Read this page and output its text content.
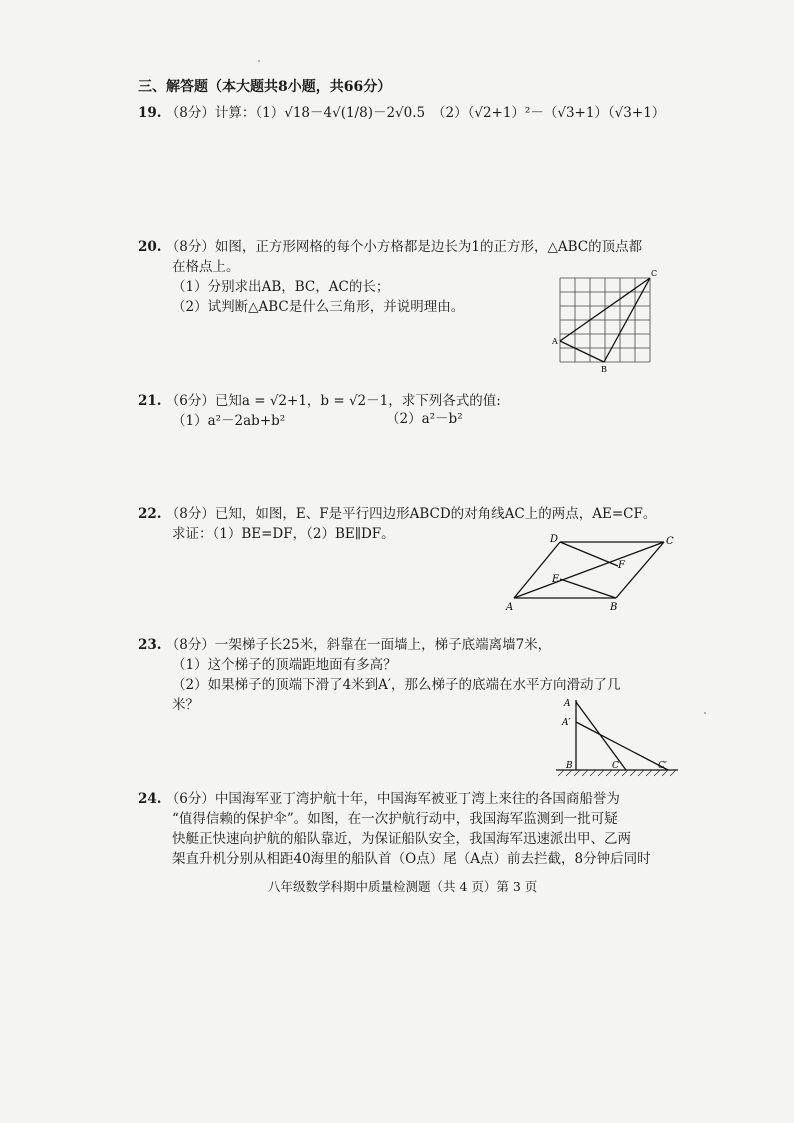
三、解答题（本大题共8小题，共66分）
19. （8分）计算：（1）√18－4√(1/8)－2√0.5 （2）（√2+1）²－（√3+1）（√3+1）
20. （8分）如图，正方形网格的每个小方格都是边长为1的正方形，△ABC的顶点都
在格点上。
（1）分别求出AB，BC，AC的长；
（2）试判断△ABC是什么三角形，并说明理由。
A
B
C
21. （6分）已知a = √2+1，b = √2－1，求下列各式的值:
（1）a²－2ab+b²	（2）a²－b²
22. （8分）已知，如图，E、F是平行四边形ABCD的对角线AC上的两点，AE=CF。
求证：（1）BE=DF，（2）BE∥DF。
A	B
C
D
E
F
23. （8分）一架梯子长25米，斜靠在一面墙上，梯子底端离墙7米，
（1）这个梯子的顶端距地面有多高？
（2）如果梯子的顶端下滑了4米到A′，那么梯子的底端在水平方向滑动了几
米？	A
A′
B	C	C′
24. （6分）中国海军亚丁湾护航十年，中国海军被亚丁湾上来往的各国商船誉为
“值得信赖的保护伞”。如图，在一次护航行动中，我国海军监测到一批可疑
快艇正快速向护航的船队靠近，为保证船队安全，我国海军迅速派出甲、乙两
架直升机分别从相距40海里的船队首（O点）尾（A点）前去拦截，8分钟后同时
八年级数学科期中质量检测题（共 4 页）第 3 页
